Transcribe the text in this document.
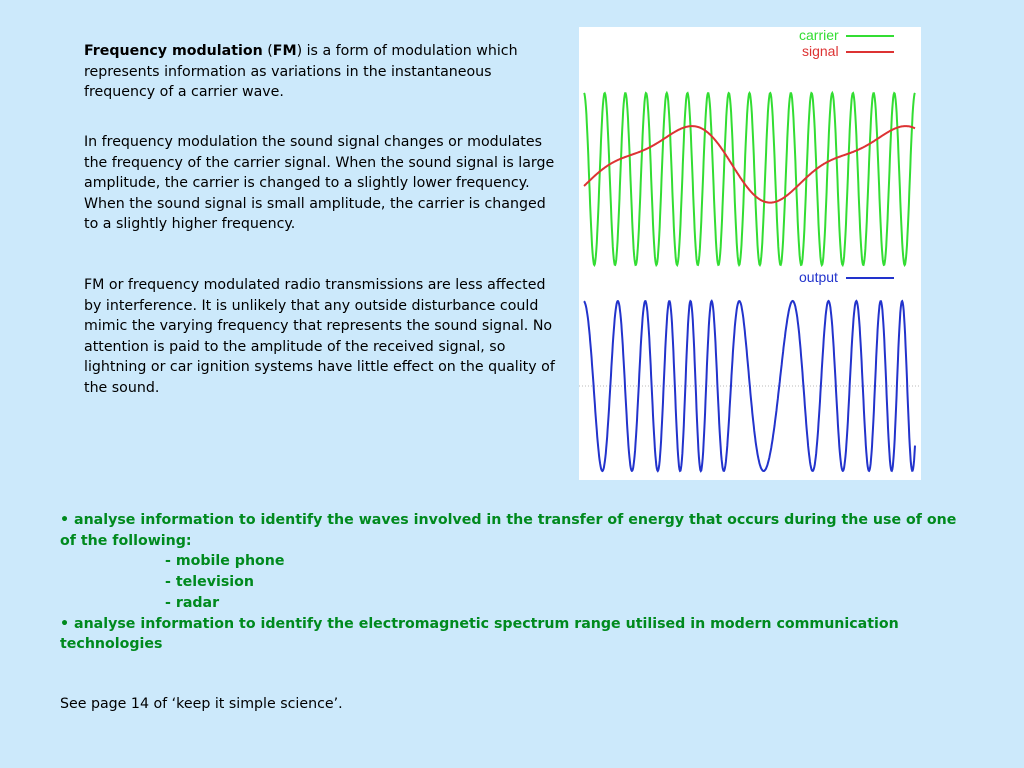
Frequency modulation (FM) is a form of modulation which represents information as variations in the instantaneous frequency of a carrier wave.

In frequency modulation the sound signal changes or modulates the frequency of the carrier signal. When the sound signal is large amplitude, the carrier is changed to a slightly lower frequency. When the sound signal is small amplitude, the carrier is changed to a slightly higher frequency.

FM or frequency modulated radio transmissions are less affected by interference. It is unlikely that any outside disturbance could mimic the varying frequency that represents the sound signal. No attention is paid to the amplitude of the received signal, so lightning or car ignition systems have little effect on the quality of the sound.

carrier
signal
output

• analyse information to identify the waves involved in the transfer of energy that occurs during the use of one of the following:

- mobile phone

- television

- radar

• analyse information to identify the electromagnetic spectrum range utilised in modern communication technologies

See page 14 of ‘keep it simple science’.
